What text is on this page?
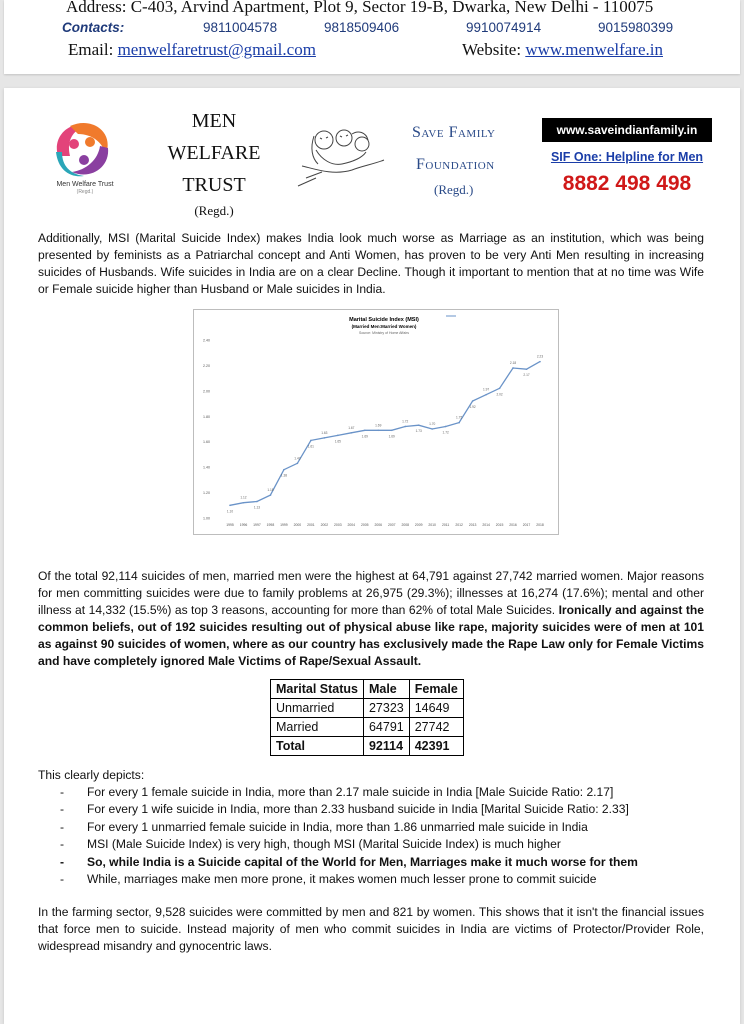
Address: C-403, Arvind Apartment, Plot 9, Sector 19-B, Dwarka, New Delhi - 110075
Contacts:	9811004578	9818509406	9910074914	9015980399
Email: menwelfaretrust@gmail.com	Website: www.menwelfare.in
Men Welfare Trust
(Regd.)
MEN
WELFARE
TRUST
(Regd.)
Save Family
Foundation
(Regd.)
www.saveindianfamily.in
SIF One: Helpline for Men
8882 498 498
Additionally, MSI (Marital Suicide Index) makes India look much worse as Marriage as an institution, which was being presented by feminists as a Patriarchal concept and Anti Women, has proven to be very Anti Men resulting in increasing suicides of Husbands. Wife suicides in India are on a clear Decline. Though it important to mention that at no time was Wife or Female suicide higher than Husband or Male suicides in India.
Marital Suicide Index (MSI)
(Married Men:Married Women)
Source: Ministry of Home Affairs
1.00
1.20
1.40
1.60
1.80
2.00
2.20
2.40
1995 1996 1997 1998 1999 2000 2001 2002 2003 2004 2005 2006 2007 2008 2009 2010 2011 2012 2013 2014 2015 2016 2017 2018
1.10
1.12
1.13
1.18
1.38
1.43
1.61
1.63
1.65
1.67
1.69
1.69
1.69
1.72
1.73
1.70
1.72
1.75
1.92
1.97
2.02
2.18
2.17
2.23
Of the total 92,114 suicides of men, married men were the highest at 64,791 against 27,742 married women. Major reasons for men committing suicides were due to family problems at 26,975 (29.3%); illnesses at 16,274 (17.6%); mental and other illness at 14,332 (15.5%) as top 3 reasons, accounting for more than 62% of total Male Suicides. Ironically and against the common beliefs, out of 192 suicides resulting out of physical abuse like rape, majority suicides were of men at 101 as against 90 suicides of women, where as our country has exclusively made the Rape Law only for Female Victims and have completely ignored Male Victims of Rape/Sexual Assault.
Marital Status	Male	Female
Unmarried	27323	14649
Married	64791	27742
Total	92114	42391
This clearly depicts:
- For every 1 female suicide in India, more than 2.17 male suicide in India [Male Suicide Ratio: 2.17]
- For every 1 wife suicide in India, more than 2.33 husband suicide in India [Marital Suicide Ratio: 2.33]
- For every 1 unmarried female suicide in India, more than 1.86 unmarried male suicide in India
- MSI (Male Suicide Index) is very high, though MSI (Marital Suicide Index) is much higher
- So, while India is a Suicide capital of the World for Men, Marriages make it much worse for them
- While, marriages make men more prone, it makes women much lesser prone to commit suicide
In the farming sector, 9,528 suicides were committed by men and 821 by women. This shows that it isn't the financial issues that force men to suicide. Instead majority of men who commit suicides in India are victims of Protector/Provider Role, widespread misandry and gynocentric laws.
